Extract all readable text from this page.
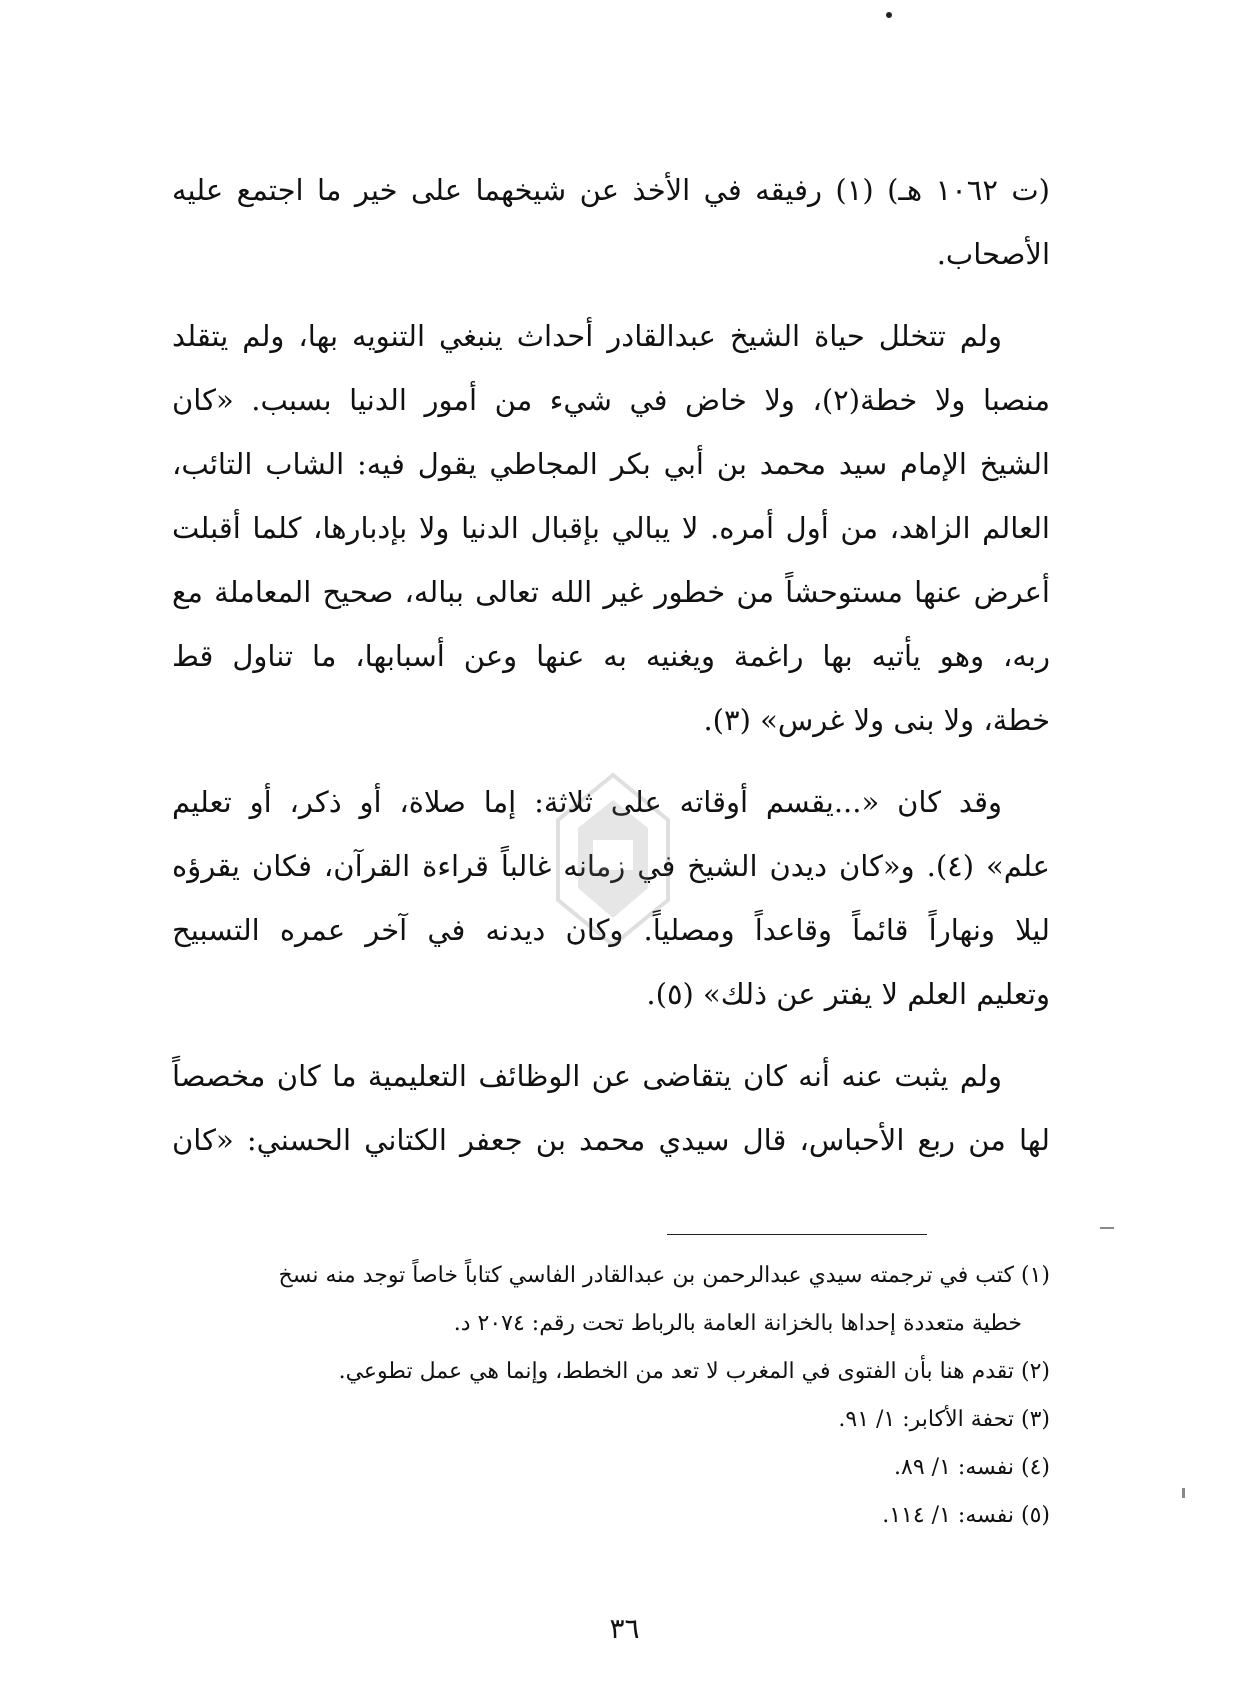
(ت ١٠٦٢ هـ) (١) رفيقه في الأخذ عن شيخهما على خير ما اجتمع عليه
الأصحاب.
ولم تتخلل حياة الشيخ عبدالقادر أحداث ينبغي التنويه بها، ولم يتقلد
منصبا ولا خطة(٢)، ولا خاض في شيء من أمور الدنيا بسبب. «كان
الشيخ الإمام سيد محمد بن أبي بكر المجاطي يقول فيه: الشاب التائب،
العالم الزاهد، من أول أمره. لا يبالي بإقبال الدنيا ولا بإدبارها، كلما أقبلت
أعرض عنها مستوحشاً من خطور غير الله تعالى بباله، صحيح المعاملة مع
ربه، وهو يأتيه بها راغمة ويغنيه به عنها وعن أسبابها، ما تناول قط
خطة، ولا بنى ولا غرس» (٣).
وقد كان «...يقسم أوقاته على ثلاثة: إما صلاة، أو ذكر، أو تعليم
علم» (٤). و«كان ديدن الشيخ في زمانه غالباً قراءة القرآن، فكان يقرؤه
ليلا ونهاراً قائماً وقاعداً ومصلياً. وكان ديدنه في آخر عمره التسبيح
وتعليم العلم لا يفتر عن ذلك» (٥).
ولم يثبت عنه أنه كان يتقاضى عن الوظائف التعليمية ما كان مخصصاً
لها من ربع الأحباس، قال سيدي محمد بن جعفر الكتاني الحسني: «كان
(١) كتب في ترجمته سيدي عبدالرحمن بن عبدالقادر الفاسي كتاباً خاصاً توجد منه نسخ
خطية متعددة إحداها بالخزانة العامة بالرباط تحت رقم: ٢٠٧٤ د.
(٢) تقدم هنا بأن الفتوى في المغرب لا تعد من الخطط، وإنما هي عمل تطوعي.
(٣) تحفة الأكابر: ١/ ٩١.
(٤) نفسه: ١/ ٨٩.
(٥) نفسه: ١/ ١١٤.
٣٦
